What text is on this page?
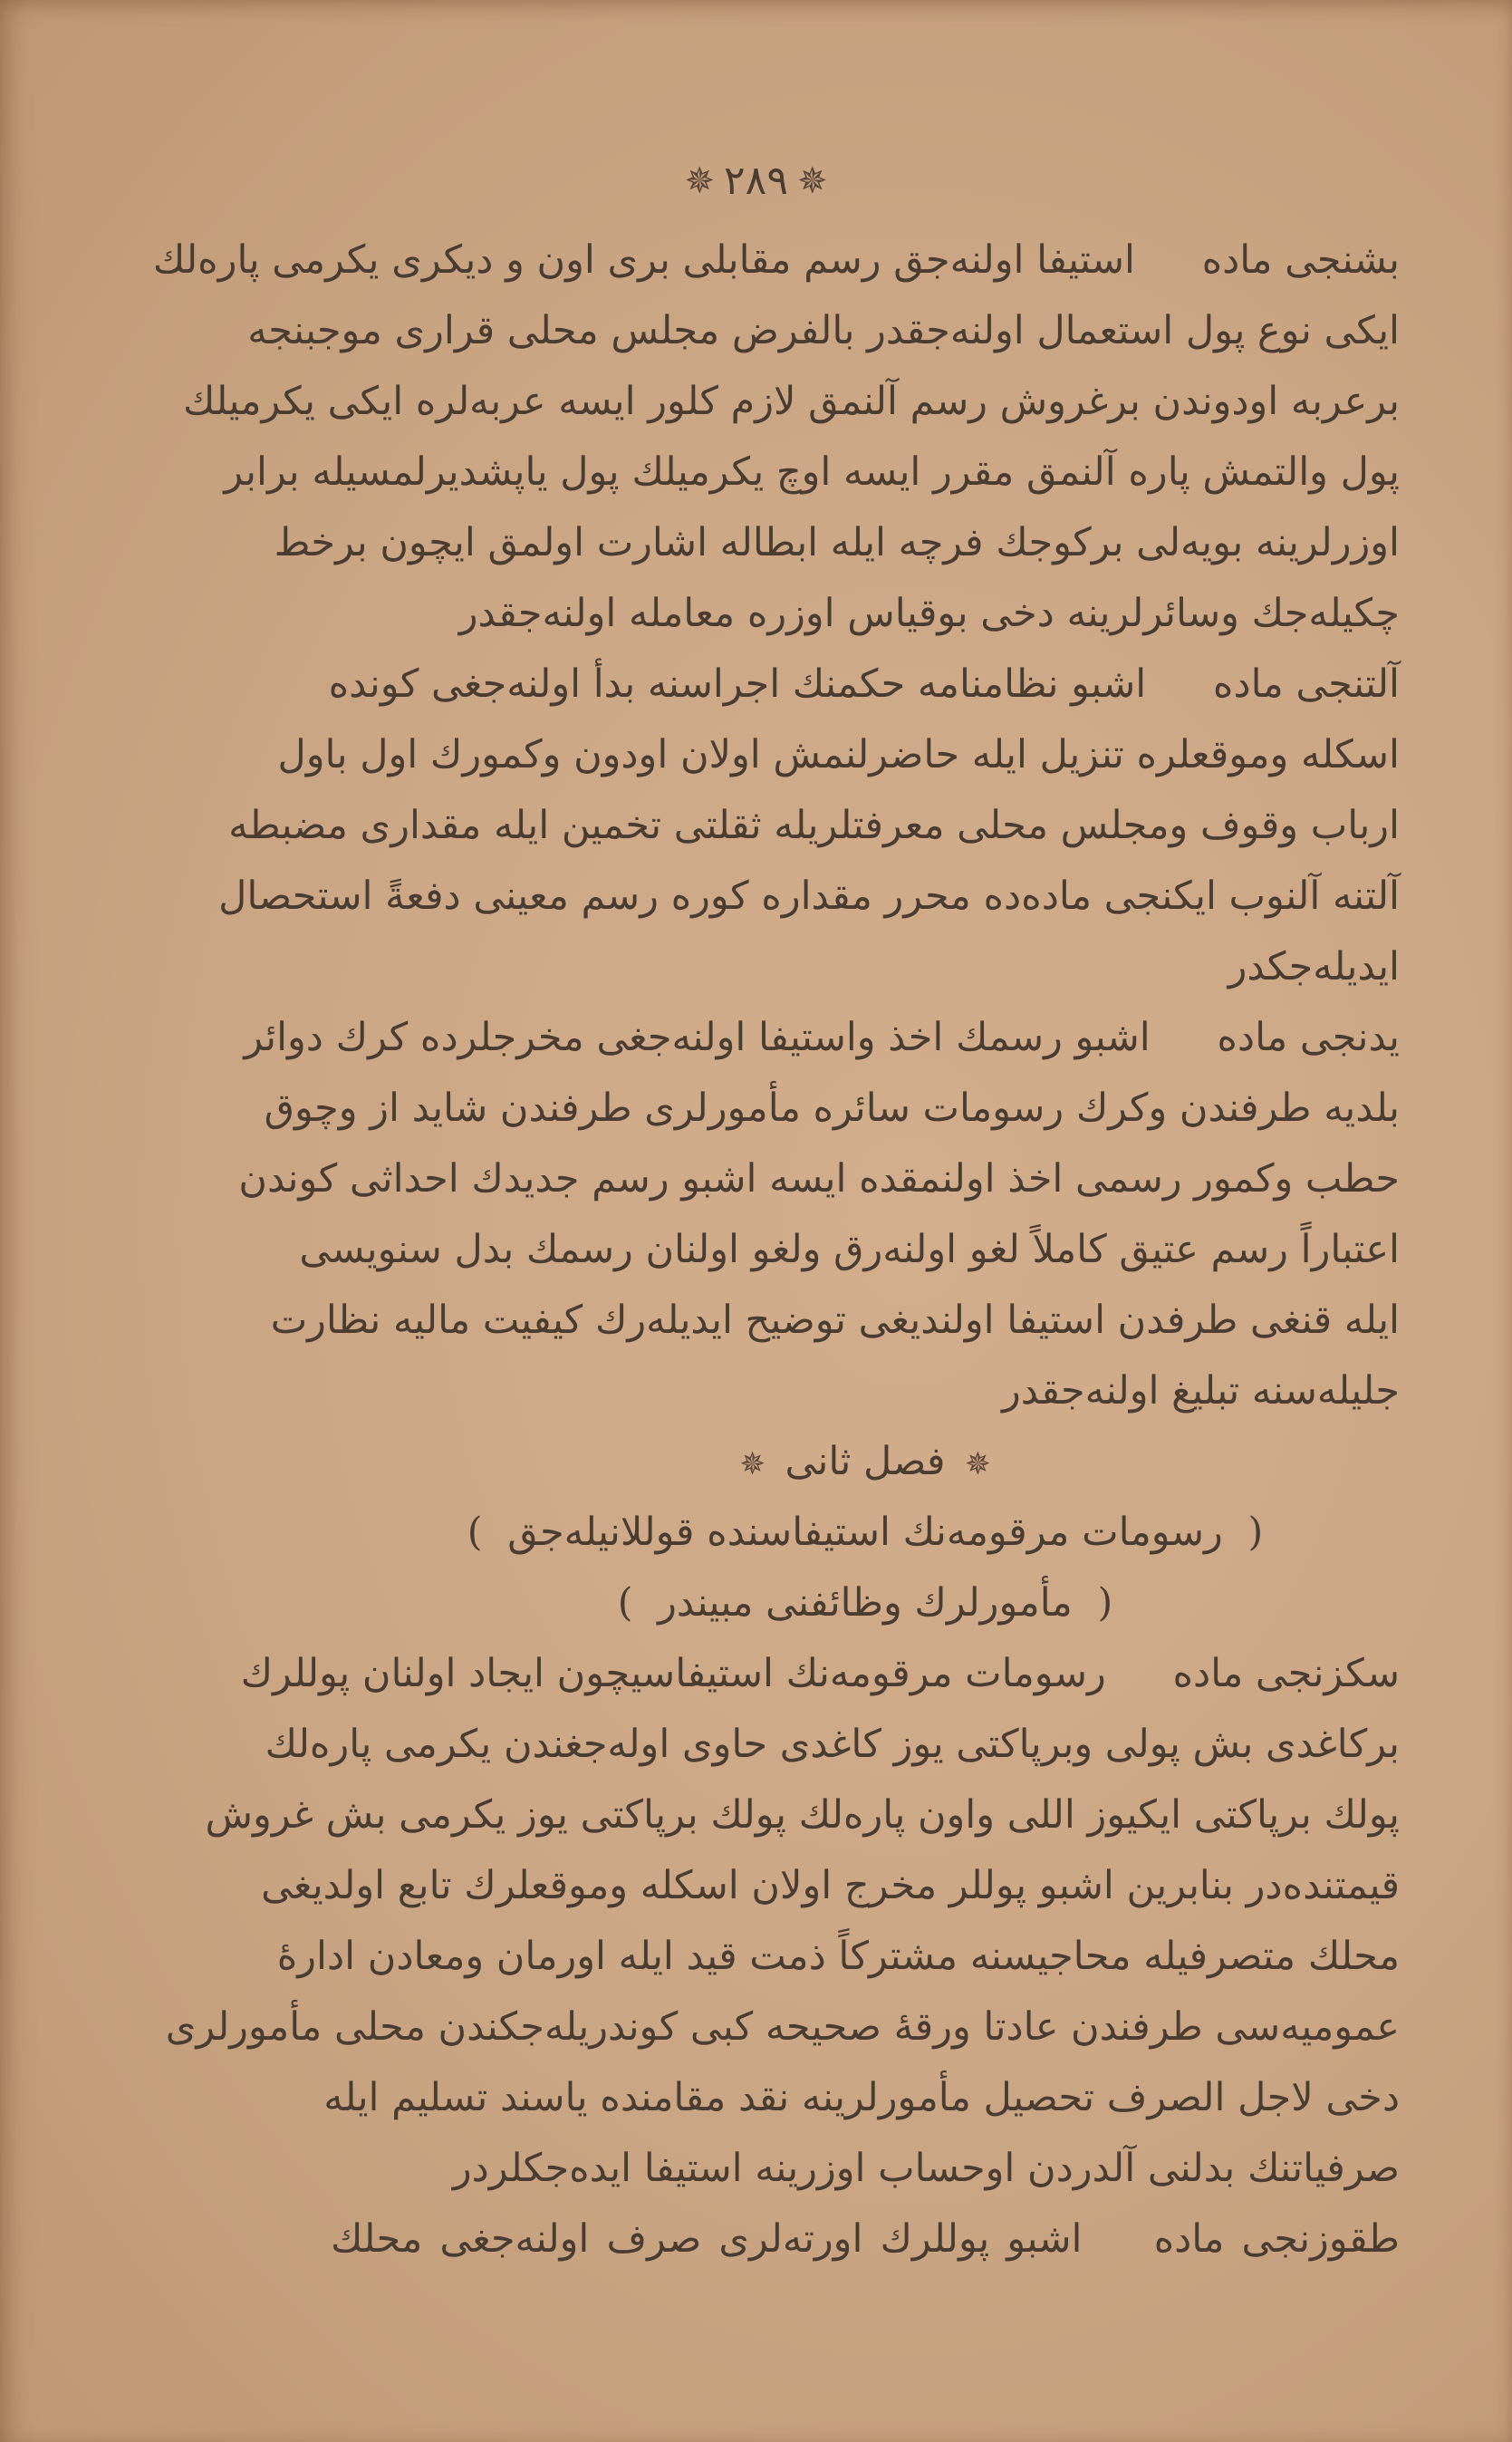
✵ ٢٨٩ ✵
بشنجی ماده استیفا اولنه‌جق رسم مقابلی بری اون و دیکری یکرمی پاره‌لك
ایکی نوع پول استعمال اولنه‌جقدر بالفرض مجلس محلی قراری موجبنجه
برعربه اودوندن برغروش رسم آلنمق لازم کلور ایسه عربه‌لره ایکی یکرمیلك
پول والتمش پاره آلنمق مقرر ایسه اوچ یکرمیلك پول یاپشدیرلمسیله برابر
اوزرلرینه بویه‌لی برکوجك فرچه ایله ابطاله اشارت اولمق ایچون برخط
چکیله‌جك وسائرلرینه دخی بوقیاس اوزره معامله اولنه‌جقدر
آلتنجی ماده اشبو نظامنامه حکمنك اجراسنه بدأ اولنه‌جغی کونده
اسکله وموقعلره تنزیل ایله حاضرلنمش اولان اودون وکمورك اول باول
ارباب وقوف ومجلس محلی معرفتلریله ثقلتی تخمین ایله مقداری مضبطه
آلتنه آلنوب ایکنجی ماده‌ده محرر مقداره کوره رسم معینی دفعةً استحصال
ایدیله‌جکدر
یدنجی ماده اشبو رسمك اخذ واستیفا اولنه‌جغی مخرجلرده کرك دوائر
بلدیه طرفندن وکرك رسومات سائره مأمورلری طرفندن شاید از وچوق
حطب وکمور رسمی اخذ اولنمقده ایسه اشبو رسم جدیدك احداثی کوندن
اعتباراً رسم عتیق کاملاً لغو اولنه‌رق ولغو اولنان رسمك بدل سنویسی
ایله قنغی طرفدن استیفا اولندیغی توضیح ایدیله‌رك کیفیت مالیه نظارت
جلیله‌سنه تبلیغ اولنه‌جقدر
✵ فصل ثانی ✵
( رسومات مرقومه‌نك استیفاسنده قوللانیله‌جق )
( مأمورلرك وظائفنی مبیندر )
سکزنجی ماده رسومات مرقومه‌نك استیفاسیچون ایجاد اولنان پوللرك
برکاغدی بش پولی وبرپاکتی یوز کاغدی حاوی اوله‌جغندن یکرمی پاره‌لك
پولك برپاکتی ایکیوز اللی واون پاره‌لك پولك برپاکتی یوز یکرمی بش غروش
قیمتنده‌در بنابرین اشبو پوللر مخرج اولان اسکله وموقعلرك تابع اولدیغی
محلك متصرفیله محاجیسنه مشترکاً ذمت قید ایله اورمان ومعادن اداره‌ٔ
عمومیه‌سی طرفندن عادتا ورقهٔ صحیحه کبی کوندریله‌جکندن محلی مأمورلری
دخی لاجل الصرف تحصیل مأمورلرینه نقد مقامنده یاسند تسلیم ایله
صرفیاتنك بدلنی آلدردن اوحساب اوزرینه استیفا ایده‌جکلردر
طقوزنجی ماده اشبو پوللرك اورته‌لری صرف اولنه‌جغی محلك
